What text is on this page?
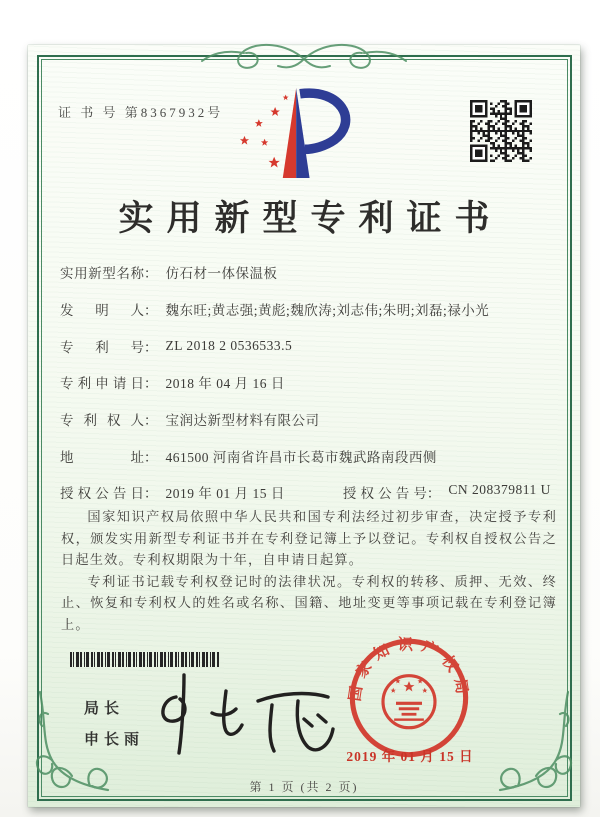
证 书 号 第8367932号
实用新型专利证书
实用新型名称 ： 仿石材一体保温板
发明人 ： 魏东旺;黄志强;黄彪;魏欣涛;刘志伟;朱明;刘磊;禄小光
专利号 ： ZL 2018 2 0536533.5
专利申请日 ： 2018 年 04 月 16 日
专利权人 ： 宝润达新型材料有限公司
地址 ： 461500 河南省许昌市长葛市魏武路南段西侧
授权公告日 ： 2019 年 01 月 15 日	授权公告号 ： CN 208379811 U

国家知识产权局依照中华人民共和国专利法经过初步审查，决定授予专利权，颁发实用新型专利证书并在专利登记簿上予以登记。专利权自授权公告之日起生效。专利权期限为十年，自申请日起算。

专利证书记载专利权登记时的法律状况。专利权的转移、质押、无效、终止、恢复和专利权人的姓名或名称、国籍、地址变更等事项记载在专利登记簿上。

局长
申长雨
国家知识产权局
2019 年 01 月 15 日
第 1 页 (共 2 页)
